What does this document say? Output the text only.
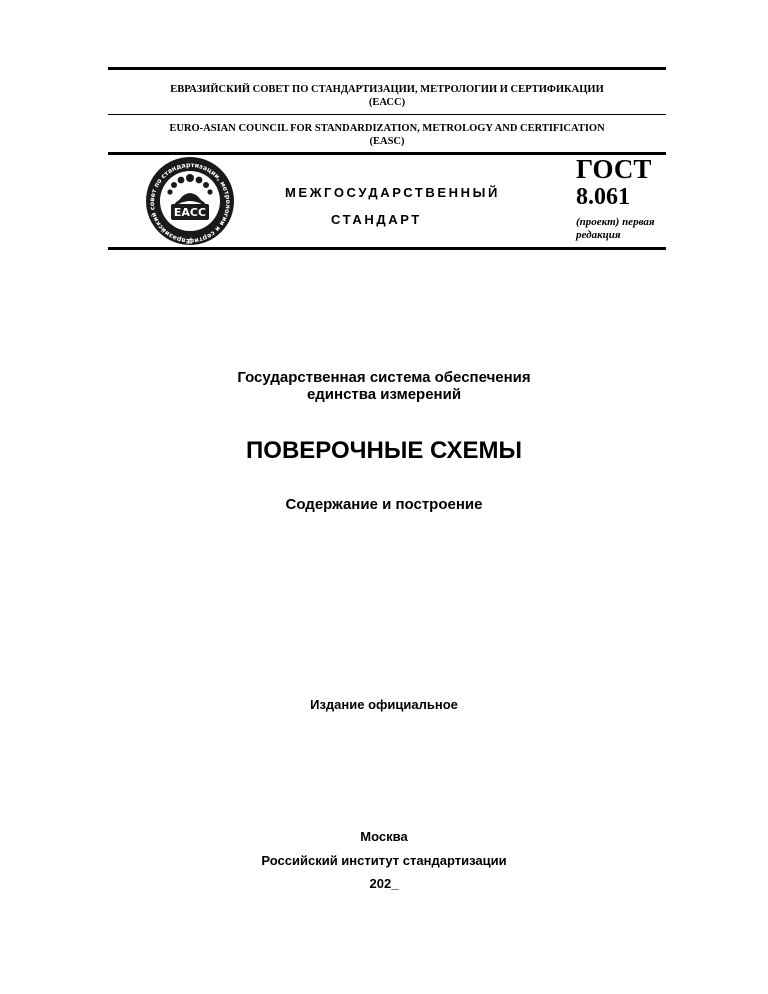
ЕВРАЗИЙСКИЙ СОВЕТ ПО СТАНДАРТИЗАЦИИ, МЕТРОЛОГИИ И СЕРТИФИКАЦИИ
(ЕАСС)
EURO-ASIAN COUNCIL FOR STANDARDIZATION, METROLOGY AND CERTIFICATION
(EASC)
Евразийский совет по стандартизации, метрологии и сертиф
ЕАСС
МЕЖГОСУДАРСТВЕННЫЙ
СТАНДАРТ
ГОСТ
8.061
(проект) первая
редакция
Государственная система обеспечения
единства измерений
ПОВЕРОЧНЫЕ СХЕМЫ
Содержание и построение
Издание официальное
Москва
Российский институт стандартизации
202_
